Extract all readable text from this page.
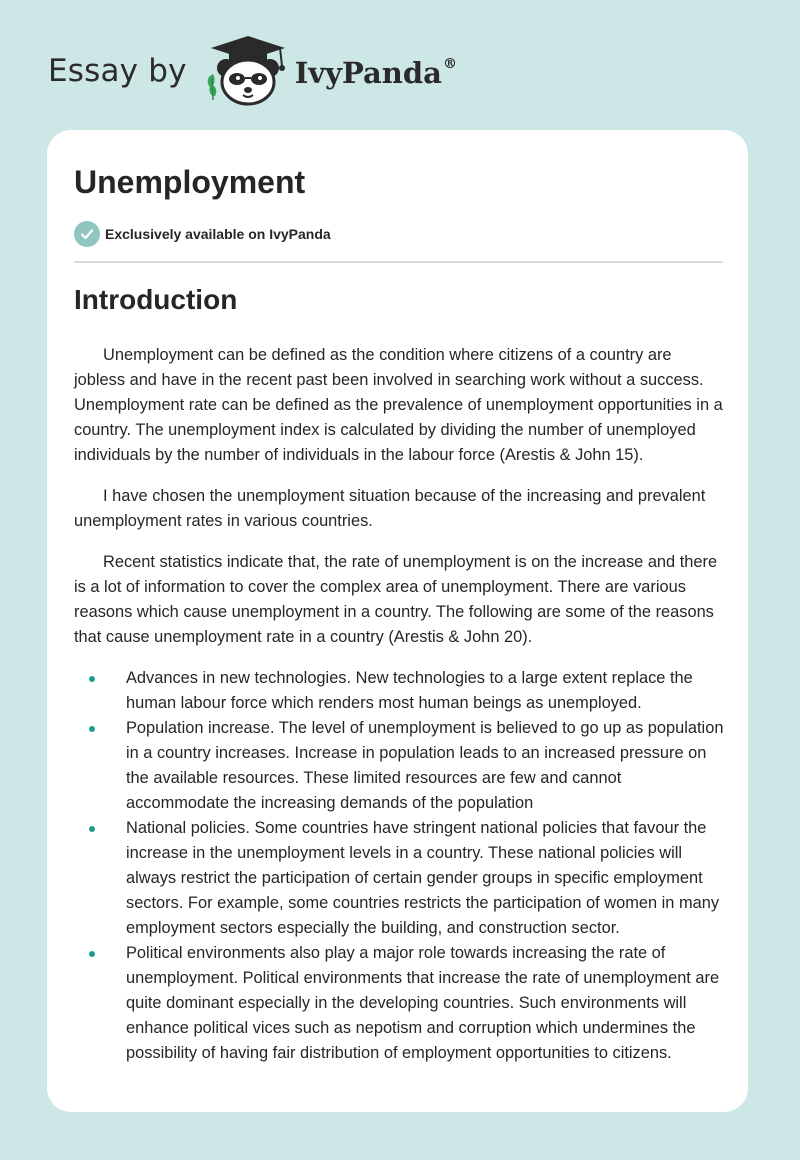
Essay by	IvyPanda®
Unemployment
Exclusively available on IvyPanda
Introduction

Unemployment can be defined as the condition where citizens of a country are jobless and have in the recent past been involved in searching work without a success. Unemployment rate can be defined as the prevalence of unemployment opportunities in a country. The unemployment index is calculated by dividing the number of unemployed individuals by the number of individuals in the labour force (Arestis & John 15).

I have chosen the unemployment situation because of the increasing and prevalent unemployment rates in various countries.

Recent statistics indicate that, the rate of unemployment is on the increase and there is a lot of information to cover the complex area of unemployment. There are various reasons which cause unemployment in a country. The following are some of the reasons that cause unemployment rate in a country (Arestis & John 20).

Advances in new technologies. New technologies to a large extent replace the human labour force which renders most human beings as unemployed.
Population increase. The level of unemployment is believed to go up as population in a country increases. Increase in population leads to an increased pressure on the available resources. These limited resources are few and cannot accommodate the increasing demands of the population
National policies. Some countries have stringent national policies that favour the increase in the unemployment levels in a country. These national policies will always restrict the participation of certain gender groups in specific employment sectors. For example, some countries restricts the participation of women in many employment sectors especially the building, and construction sector.
Political environments also play a major role towards increasing the rate of unemployment. Political environments that increase the rate of unemployment are quite dominant especially in the developing countries. Such environments will enhance political vices such as nepotism and corruption which undermines the possibility of having fair distribution of employment opportunities to citizens.
